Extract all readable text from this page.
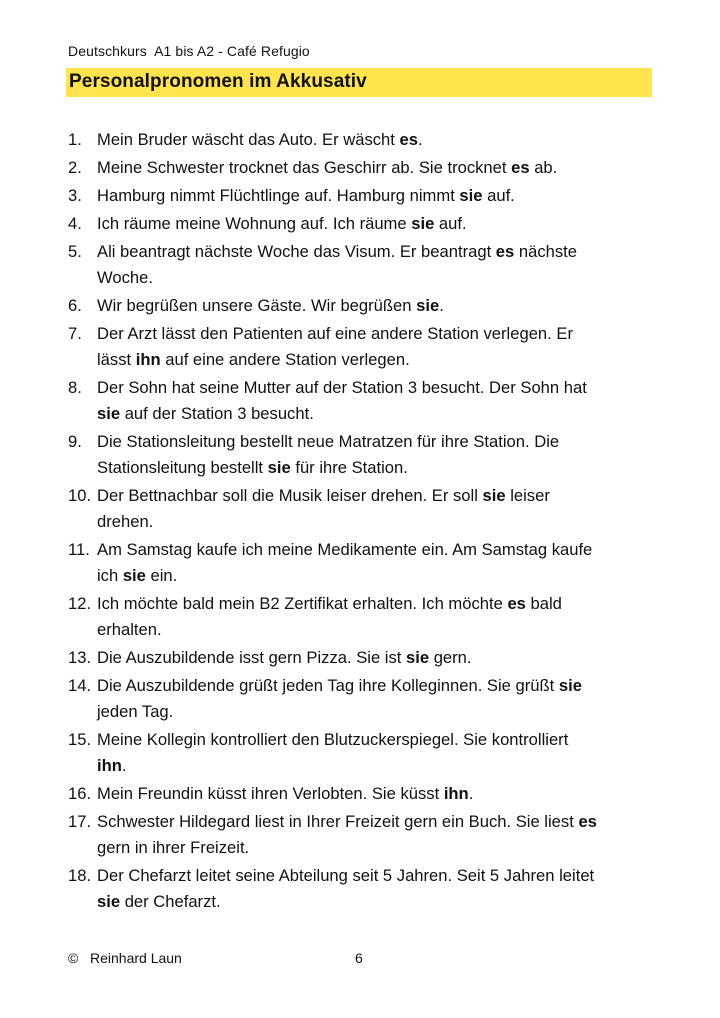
Deutschkurs  A1 bis A2 - Café Refugio
Personalpronomen im Akkusativ
1. Mein Bruder wäscht das Auto. Er wäscht es.
2. Meine Schwester trocknet das Geschirr ab. Sie trocknet es ab.
3. Hamburg nimmt Flüchtlinge auf. Hamburg nimmt sie auf.
4. Ich räume meine Wohnung auf. Ich räume sie auf.
5. Ali beantragt nächste Woche das Visum. Er beantragt es nächste
Woche.
6. Wir begrüßen unsere Gäste. Wir begrüßen sie.
7. Der Arzt lässt den Patienten auf eine andere Station verlegen. Er
lässt ihn auf eine andere Station verlegen.
8. Der Sohn hat seine Mutter auf der Station 3 besucht. Der Sohn hat
sie auf der Station 3 besucht.
9. Die Stationsleitung bestellt neue Matratzen für ihre Station. Die
Stationsleitung bestellt sie für ihre Station.
10. Der Bettnachbar soll die Musik leiser drehen. Er soll sie leiser
drehen.
11. Am Samstag kaufe ich meine Medikamente ein. Am Samstag kaufe
ich sie ein.
12. Ich möchte bald mein B2 Zertifikat erhalten. Ich möchte es bald
erhalten.
13. Die Auszubildende isst gern Pizza. Sie ist sie gern.
14. Die Auszubildende grüßt jeden Tag ihre Kolleginnen. Sie grüßt sie
jeden Tag.
15. Meine Kollegin kontrolliert den Blutzuckerspiegel. Sie kontrolliert
ihn.
16. Mein Freundin küsst ihren Verlobten. Sie küsst ihn.
17. Schwester Hildegard liest in Ihrer Freizeit gern ein Buch. Sie liest es
gern in ihrer Freizeit.
18. Der Chefarzt leitet seine Abteilung seit 5 Jahren. Seit 5 Jahren leitet
sie der Chefarzt.
©   Reinhard Laun	6
